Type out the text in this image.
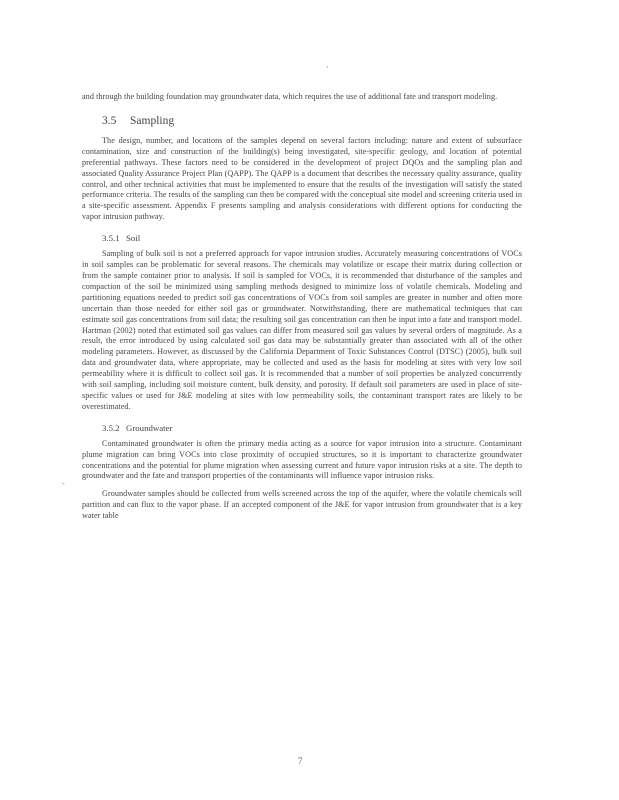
·

and through the building foundation may groundwater data, which requires the use of additional fate and transport modeling.

3.5 Sampling

The design, number, and locations of the samples depend on several factors including: nature and extent of subsurface contamination, size and construction of the building(s) being investigated, site-specific geology, and location of potential preferential pathways. These factors need to be considered in the development of project DQOs and the sampling plan and associated Quality Assurance Project Plan (QAPP). The QAPP is a document that describes the necessary quality assurance, quality control, and other technical activities that must be implemented to ensure that the results of the investigation will satisfy the stated performance criteria. The results of the sampling can then be compared with the conceptual site model and screening criteria used in a site-specific assessment. Appendix F presents sampling and analysis considerations with different options for conducting the vapor intrusion pathway.

3.5.1 Soil

Sampling of bulk soil is not a preferred approach for vapor intrusion studies. Accurately measuring concentrations of VOCs in soil samples can be problematic for several reasons. The chemicals may volatilize or escape their matrix during collection or from the sample container prior to analysis. If soil is sampled for VOCs, it is recommended that disturbance of the samples and compaction of the soil be minimized using sampling methods designed to minimize loss of volatile chemicals. Modeling and partitioning equations needed to predict soil gas concentrations of VOCs from soil samples are greater in number and often more uncertain than those needed for either soil gas or groundwater. Notwithstanding, there are mathematical techniques that can estimate soil gas concentrations from soil data; the resulting soil gas concentration can then be input into a fate and transport model. Hartman (2002) noted that estimated soil gas values can differ from measured soil gas values by several orders of magnitude. As a result, the error introduced by using calculated soil gas data may be substantially greater than associated with all of the other modeling parameters. However, as discussed by the California Department of Toxic Substances Control (DTSC) (2005), bulk soil data and groundwater data, where appropriate, may be collected and used as the basis for modeling at sites with very low soil permeability where it is difficult to collect soil gas. It is recommended that a number of soil properties be analyzed concurrently with soil sampling, including soil moisture content, bulk density, and porosity. If default soil parameters are used in place of site-specific values or used for J&E modeling at sites with low permeability soils, the contaminant transport rates are likely to be overestimated.

3.5.2 Groundwater

Contaminated groundwater is often the primary media acting as a source for vapor intrusion into a structure. Contaminant plume migration can bring VOCs into close proximity of occupied structures, so it is important to characterize groundwater concentrations and the potential for plume migration when assessing current and future vapor intrusion risks at a site. The depth to groundwater and the fate and transport properties of the contaminants will influence vapor intrusion risks.

Groundwater samples should be collected from wells screened across the top of the aquifer, where the volatile chemicals will partition and can flux to the vapor phase. If an accepted component of the J&E for vapor intrusion from groundwater that is a key water table

-
7
